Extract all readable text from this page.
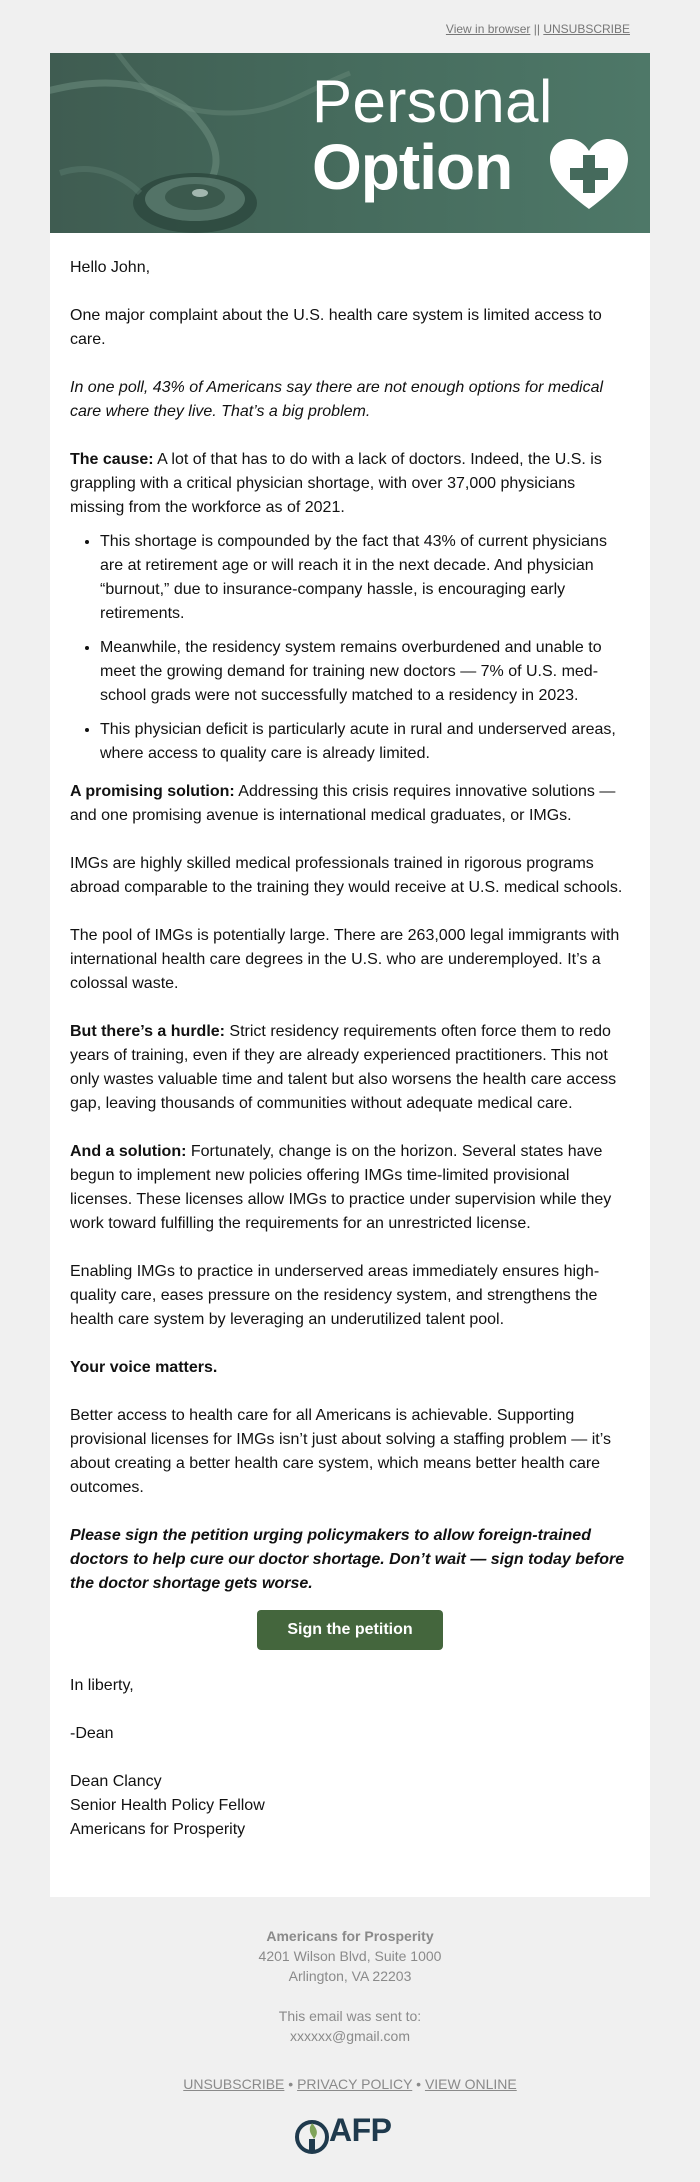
View in browser || UNSUBSCRIBE
Personal
Option

Hello John,

One major complaint about the U.S. health care system is limited access to care.

In one poll, 43% of Americans say there are not enough options for medical care where they live. That’s a big problem.

The cause: A lot of that has to do with a lack of doctors. Indeed, the U.S. is grappling with a critical physician shortage, with over 37,000 physicians missing from the workforce as of 2021.

• This shortage is compounded by the fact that 43% of current physicians are at retirement age or will reach it in the next decade. And physician “burnout,” due to insurance-company hassle, is encouraging early retirements.
• Meanwhile, the residency system remains overburdened and unable to meet the growing demand for training new doctors — 7% of U.S. med-school grads were not successfully matched to a residency in 2023.
• This physician deficit is particularly acute in rural and underserved areas, where access to quality care is already limited.

A promising solution: Addressing this crisis requires innovative solutions — and one promising avenue is international medical graduates, or IMGs.

IMGs are highly skilled medical professionals trained in rigorous programs abroad comparable to the training they would receive at U.S. medical schools.

The pool of IMGs is potentially large. There are 263,000 legal immigrants with international health care degrees in the U.S. who are underemployed. It’s a colossal waste.

But there’s a hurdle: Strict residency requirements often force them to redo years of training, even if they are already experienced practitioners. This not only wastes valuable time and talent but also worsens the health care access gap, leaving thousands of communities without adequate medical care.

And a solution: Fortunately, change is on the horizon. Several states have begun to implement new policies offering IMGs time-limited provisional licenses. These licenses allow IMGs to practice under supervision while they work toward fulfilling the requirements for an unrestricted license.

Enabling IMGs to practice in underserved areas immediately ensures high-quality care, eases pressure on the residency system, and strengthens the health care system by leveraging an underutilized talent pool.

Your voice matters.

Better access to health care for all Americans is achievable. Supporting provisional licenses for IMGs isn’t just about solving a staffing problem — it’s about creating a better health care system, which means better health care outcomes.

Please sign the petition urging policymakers to allow foreign-trained doctors to help cure our doctor shortage. Don’t wait — sign today before the doctor shortage gets worse.

Sign the petition

In liberty,

-Dean

Dean Clancy
Senior Health Policy Fellow
Americans for Prosperity
Americans for Prosperity
4201 Wilson Blvd, Suite 1000
Arlington, VA 22203
This email was sent to:
xxxxxx@gmail.com
UNSUBSCRIBE • PRIVACY POLICY • VIEW ONLINE
AFP
